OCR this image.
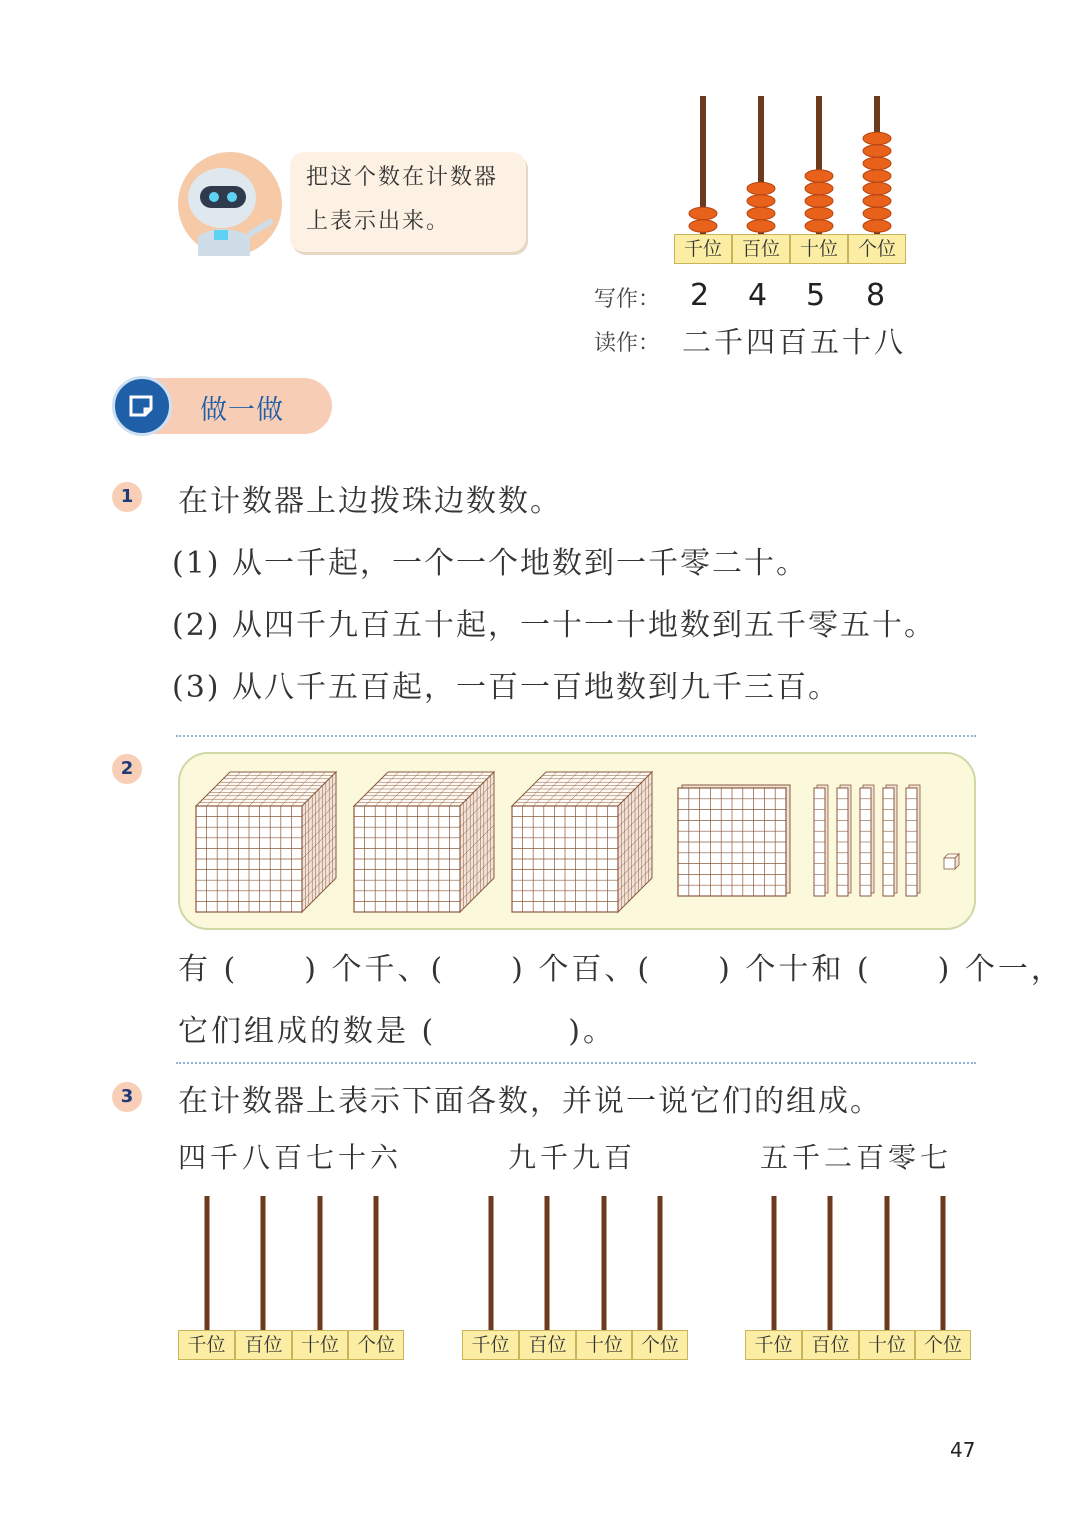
把这个数在计数器
上表示出来。
千位	百位	十位	个位
写作： 2 4 5 8
读作： 二千四百五十八
做一做
1 在计数器上边拨珠边数数。
(1) 从一千起，一个一个地数到一千零二十。
(2) 从四千九百五十起，一十一十地数到五千零五十。
(3) 从八千五百起，一百一百地数到九千三百。
2
有 (　　) 个千、(　　) 个百、(　　) 个十和 (　　) 个一，
它们组成的数是 (　　　　)。
3 在计数器上表示下面各数，并说一说它们的组成。
四千八百七十六	九千九百	五千二百零七
千位 百位 十位 个位	千位 百位 十位 个位	千位 百位 十位 个位
47
